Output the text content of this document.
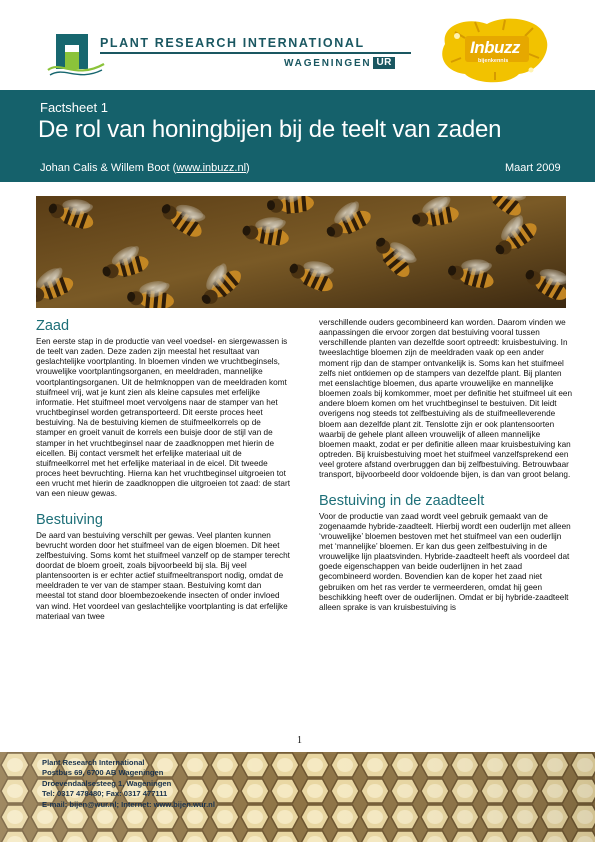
PLANT RESEARCH INTERNATIONAL
WAGENINGEN UR
Inbuzz
bijenkennis
Factsheet 1
De rol van honingbijen bij de teelt van zaden
Johan Calis & Willem Boot (www.inbuzz.nl)	Maart 2009
Zaad

Een eerste stap in de productie van veel voedsel- en siergewassen is de teelt van zaden. Deze zaden zijn meestal het resultaat van geslachtelijke voortplanting. In bloemen vinden we vruchtbeginsels, vrouwelijke voortplantingsorganen, en meeldraden, mannelijke voortplantingsorganen. Uit de helmknoppen van de meeldraden komt stuifmeel vrij, wat je kunt zien als kleine capsules met erfelijke informatie. Het stuifmeel moet vervolgens naar de stamper van het vruchtbeginsel worden getransporteerd. Dit eerste proces heet bestuiving. Na de bestuiving kiemen de stuifmeelkorrels op de stamper en groeit vanuit de korrels een buisje door de stijl van de stamper in het vruchtbeginsel naar de zaadknoppen met hierin de eicellen. Bij contact versmelt het erfelijke materiaal uit de stuifmeelkorrel met het erfelijke materiaal in de eicel. Dit tweede proces heet bevruchting. Hierna kan het vruchtbeginsel uitgroeien tot een vrucht met hierin de zaadknoppen die uitgroeien tot zaad: de start van een nieuw gewas.

Bestuiving

De aard van bestuiving verschilt per gewas. Veel planten kunnen bevrucht worden door het stuifmeel van de eigen bloemen. Dit heet zelfbestuiving. Soms komt het stuifmeel vanzelf op de stamper terecht doordat de bloem groeit, zoals bijvoorbeeld bij sla. Bij veel plantensoorten is er echter actief stuifmeeltransport nodig, omdat de meeldraden te ver van de stamper staan. Bestuiving komt dan meestal tot stand door bloembezoekende insecten of onder invloed van wind. Het voordeel van geslachtelijke voortplanting is dat erfelijke materiaal van twee

verschillende ouders gecombineerd kan worden. Daarom vinden we aanpassingen die ervoor zorgen dat bestuiving vooral tussen verschillende planten van dezelfde soort optreedt: kruisbestuiving. In tweeslachtige bloemen zijn de meeldraden vaak op een ander moment rijp dan de stamper ontvankelijk is. Soms kan het stuifmeel zelfs niet ontkiemen op de stampers van dezelfde plant. Bij planten met eenslachtige bloemen, dus aparte vrouwelijke en mannelijke bloemen zoals bij komkommer, moet per definitie het stuifmeel uit een andere bloem komen om het vruchtbeginsel te bestuiven. Dit leidt overigens nog steeds tot zelfbestuiving als de stuifmeelleverende bloem aan dezelfde plant zit. Tenslotte zijn er ook plantensoorten waarbij de gehele plant alleen vrouwelijk of alleen mannelijke bloemen maakt, zodat er per definitie alleen maar kruisbestuiving kan optreden. Bij kruisbestuiving moet het stuifmeel vanzelfsprekend een veel grotere afstand overbruggen dan bij zelfbestuiving. Betrouwbaar transport, bijvoorbeeld door voldoende bijen, is dan van groot belang.

Bestuiving in de zaadteelt

Voor de productie van zaad wordt veel gebruik gemaakt van de zogenaamde hybride-zaadteelt. Hierbij wordt een ouderlijn met alleen ‘vrouwelijke’ bloemen bestoven met het stuifmeel van een ouderlijn met ‘mannelijke’ bloemen. Er kan dus geen zelfbestuiving in de vrouwelijke lijn plaatsvinden. Hybride-zaadteelt heeft als voordeel dat goede eigenschappen van beide ouderlijnen in het zaad gecombineerd worden. Bovendien kan de koper het zaad niet gebruiken om het ras verder te vermeerderen, omdat hij geen beschikking heeft over de ouderlijnen. Omdat er bij hybride-zaadteelt alleen sprake is van kruisbestuiving is

1
Plant Research International
Postbus 69, 6700 AB Wageningen
Droevendaalsesteeg 1, Wageningen
Tel: 0317 478480; Fax: 0317 477111
E-mail: bijen@wur.nl; Internet: www.bijen.wur.nl
